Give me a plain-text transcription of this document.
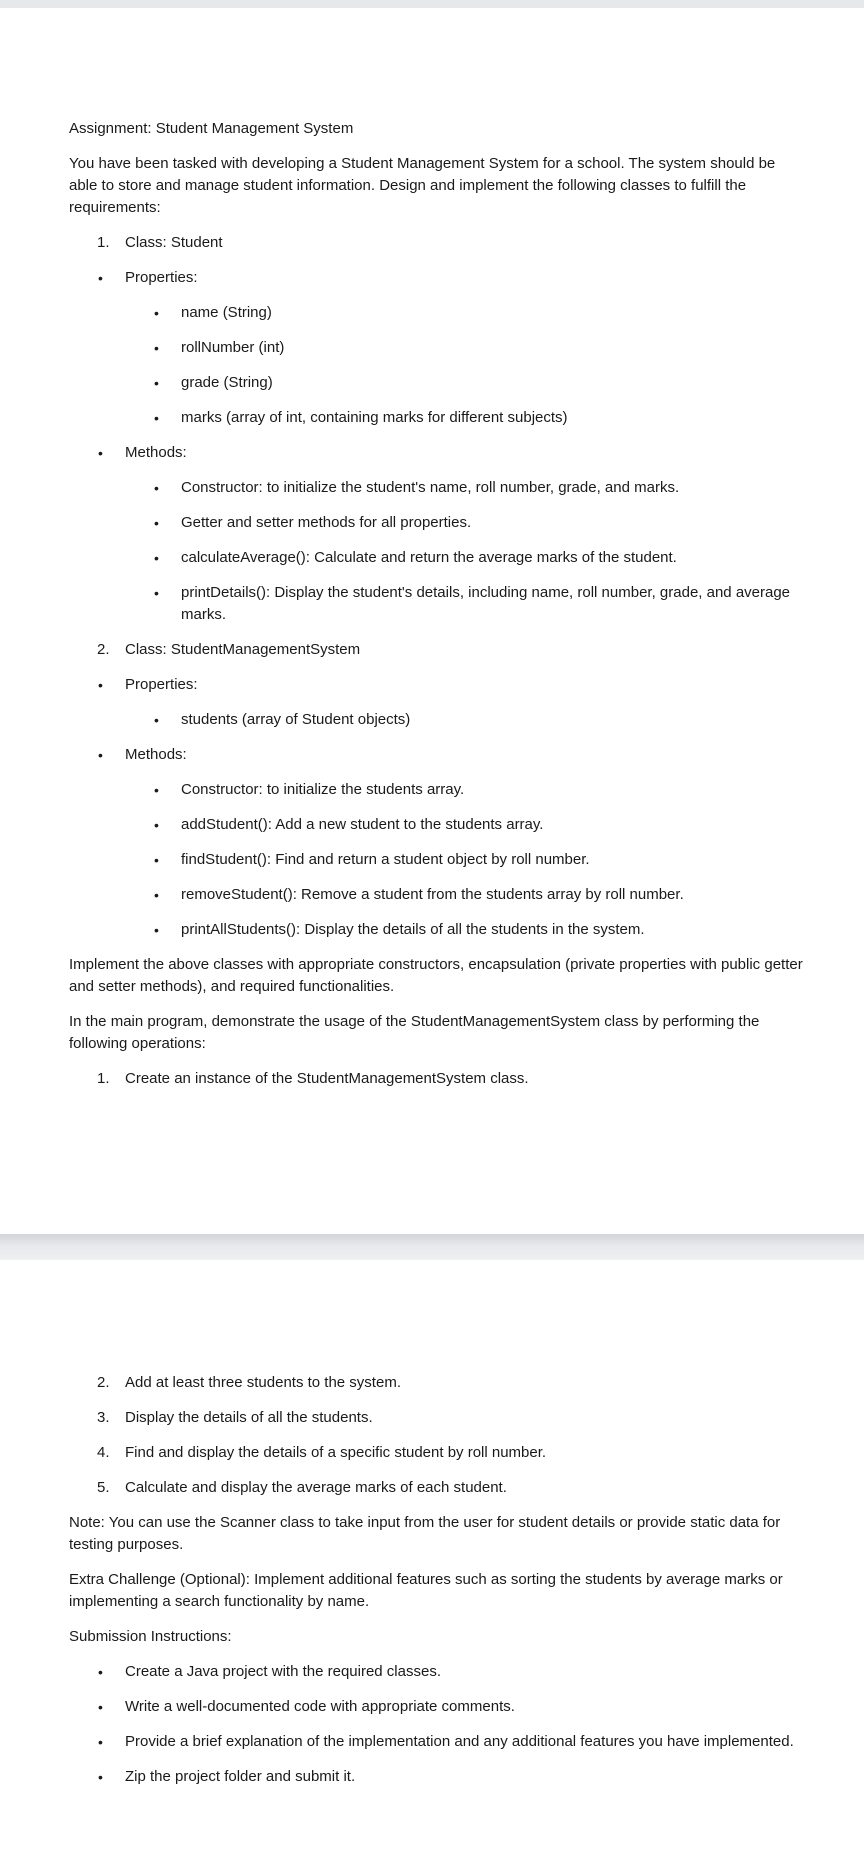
Assignment: Student Management System

You have been tasked with developing a Student Management System for a school. The system should be able to store and manage student information. Design and implement the following classes to fulfill the requirements:

1. Class: Student
• Properties:
• name (String)
• rollNumber (int)
• grade (String)
• marks (array of int, containing marks for different subjects)
• Methods:
• Constructor: to initialize the student's name, roll number, grade, and marks.
• Getter and setter methods for all properties.
• calculateAverage(): Calculate and return the average marks of the student.
• printDetails(): Display the student's details, including name, roll number, grade, and average marks.
2. Class: StudentManagementSystem
• Properties:
• students (array of Student objects)
• Methods:
• Constructor: to initialize the students array.
• addStudent(): Add a new student to the students array.
• findStudent(): Find and return a student object by roll number.
• removeStudent(): Remove a student from the students array by roll number.
• printAllStudents(): Display the details of all the students in the system.

Implement the above classes with appropriate constructors, encapsulation (private properties with public getter and setter methods), and required functionalities.

In the main program, demonstrate the usage of the StudentManagementSystem class by performing the following operations:

1. Create an instance of the StudentManagementSystem class.
2. Add at least three students to the system.
3. Display the details of all the students.
4. Find and display the details of a specific student by roll number.
5. Calculate and display the average marks of each student.

Note: You can use the Scanner class to take input from the user for student details or provide static data for testing purposes.

Extra Challenge (Optional): Implement additional features such as sorting the students by average marks or implementing a search functionality by name.

Submission Instructions:

• Create a Java project with the required classes.
• Write a well-documented code with appropriate comments.
• Provide a brief explanation of the implementation and any additional features you have implemented.
• Zip the project folder and submit it.
